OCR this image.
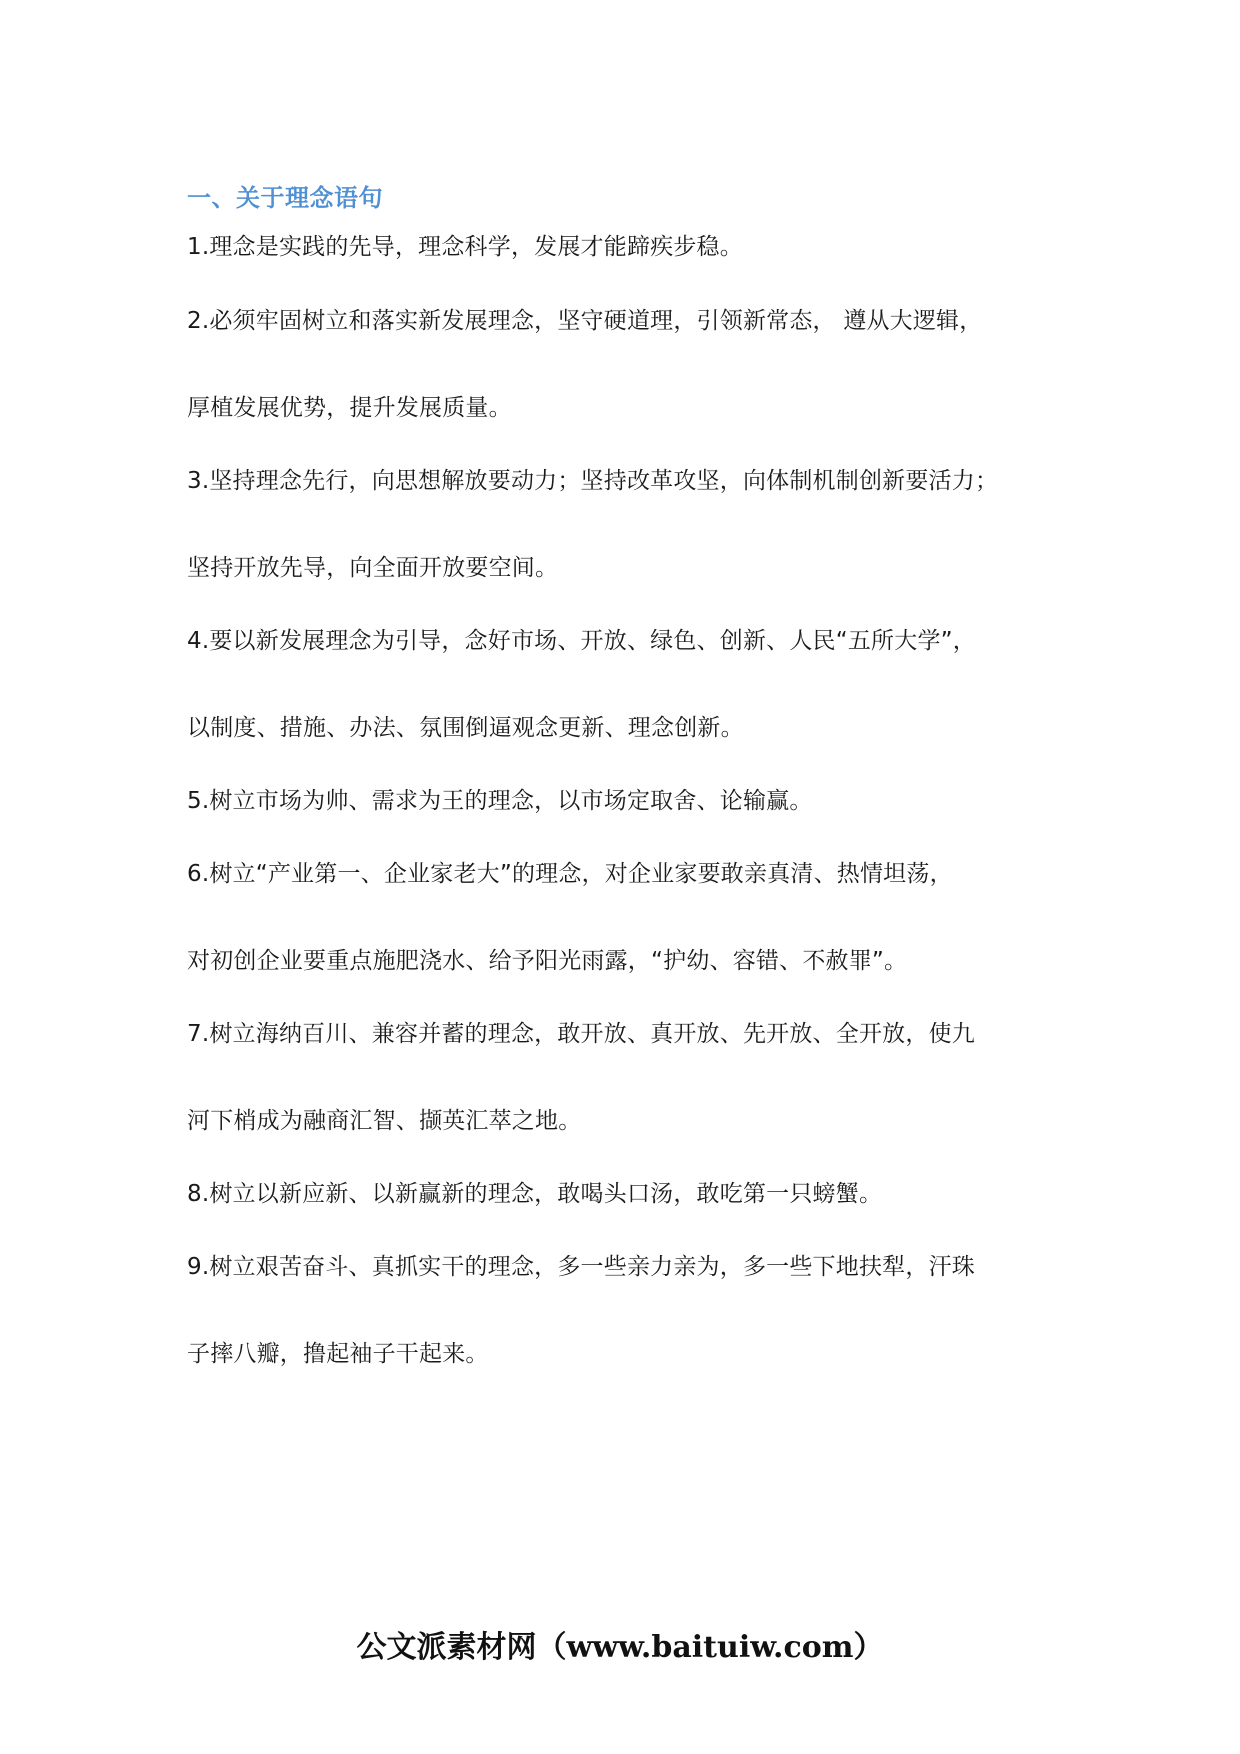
一、关于理念语句
1.理念是实践的先导，理念科学，发展才能蹄疾步稳。
2.必须牢固树立和落实新发展理念，坚守硬道理，引领新常态， 遵从大逻辑，
厚植发展优势，提升发展质量。
3.坚持理念先行，向思想解放要动力；坚持改革攻坚，向体制机制创新要活力；
坚持开放先导，向全面开放要空间。
4.要以新发展理念为引导，念好市场、开放、绿色、创新、人民“五所大学”，
以制度、措施、办法、氛围倒逼观念更新、理念创新。
5.树立市场为帅、需求为王的理念，以市场定取舍、论输赢。
6.树立“产业第一、企业家老大”的理念，对企业家要敢亲真清、热情坦荡，
对初创企业要重点施肥浇水、给予阳光雨露，“护幼、容错、不赦罪”。
7.树立海纳百川、兼容并蓄的理念，敢开放、真开放、先开放、全开放，使九
河下梢成为融商汇智、撷英汇萃之地。
8.树立以新应新、以新赢新的理念，敢喝头口汤，敢吃第一只螃蟹。
9.树立艰苦奋斗、真抓实干的理念，多一些亲力亲为，多一些下地扶犁，汗珠
子摔八瓣，撸起袖子干起来。
公文派素材网（www.baituiw.com）
